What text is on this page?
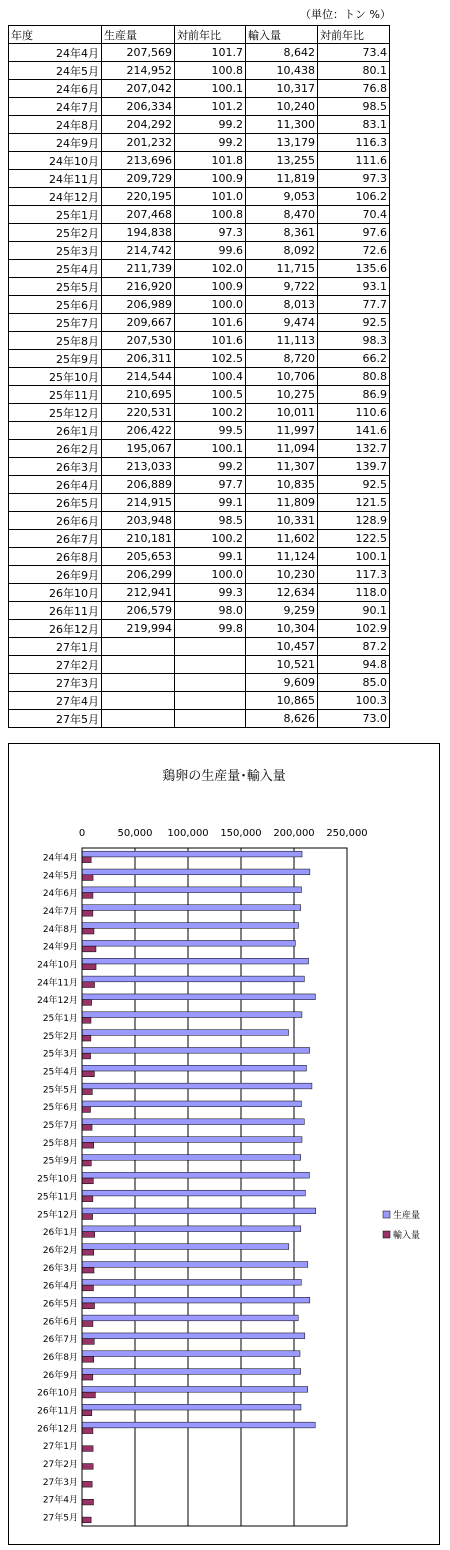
（単位：トン %）
年度	生産量	対前年比	輸入量	対前年比
24年4月	207,569	101.7	8,642	73.4
24年5月	214,952	100.8	10,438	80.1
24年6月	207,042	100.1	10,317	76.8
24年7月	206,334	101.2	10,240	98.5
24年8月	204,292	99.2	11,300	83.1
24年9月	201,232	99.2	13,179	116.3
24年10月	213,696	101.8	13,255	111.6
24年11月	209,729	100.9	11,819	97.3
24年12月	220,195	101.0	9,053	106.2
25年1月	207,468	100.8	8,470	70.4
25年2月	194,838	97.3	8,361	97.6
25年3月	214,742	99.6	8,092	72.6
25年4月	211,739	102.0	11,715	135.6
25年5月	216,920	100.9	9,722	93.1
25年6月	206,989	100.0	8,013	77.7
25年7月	209,667	101.6	9,474	92.5
25年8月	207,530	101.6	11,113	98.3
25年9月	206,311	102.5	8,720	66.2
25年10月	214,544	100.4	10,706	80.8
25年11月	210,695	100.5	10,275	86.9
25年12月	220,531	100.2	10,011	110.6
26年1月	206,422	99.5	11,997	141.6
26年2月	195,067	100.1	11,094	132.7
26年3月	213,033	99.2	11,307	139.7
26年4月	206,889	97.7	10,835	92.5
26年5月	214,915	99.1	11,809	121.5
26年6月	203,948	98.5	10,331	128.9
26年7月	210,181	100.2	11,602	122.5
26年8月	205,653	99.1	11,124	100.1
26年9月	206,299	100.0	10,230	117.3
26年10月	212,941	99.3	12,634	118.0
26年11月	206,579	98.0	9,259	90.1
26年12月	219,994	99.8	10,304	102.9
27年1月			10,457	87.2
27年2月			10,521	94.8
27年3月			9,609	85.0
27年4月			10,865	100.3
27年5月			8,626	73.0
鶏卵の生産量･輸入量
0	50,000 100,000 150,000 200,000 250,000
24年4月
24年5月
24年6月
24年7月
24年8月
24年9月
24年10月
24年11月
24年12月
25年1月
25年2月
25年3月
25年4月
25年5月
25年6月
25年7月
25年8月
25年9月
25年10月
25年11月
25年12月
26年1月
26年2月
26年3月
26年4月
26年5月
26年6月
26年7月
26年8月
26年9月
26年10月
26年11月
26年12月
27年1月
27年2月
27年3月
27年4月
27年5月
生産量
輸入量
